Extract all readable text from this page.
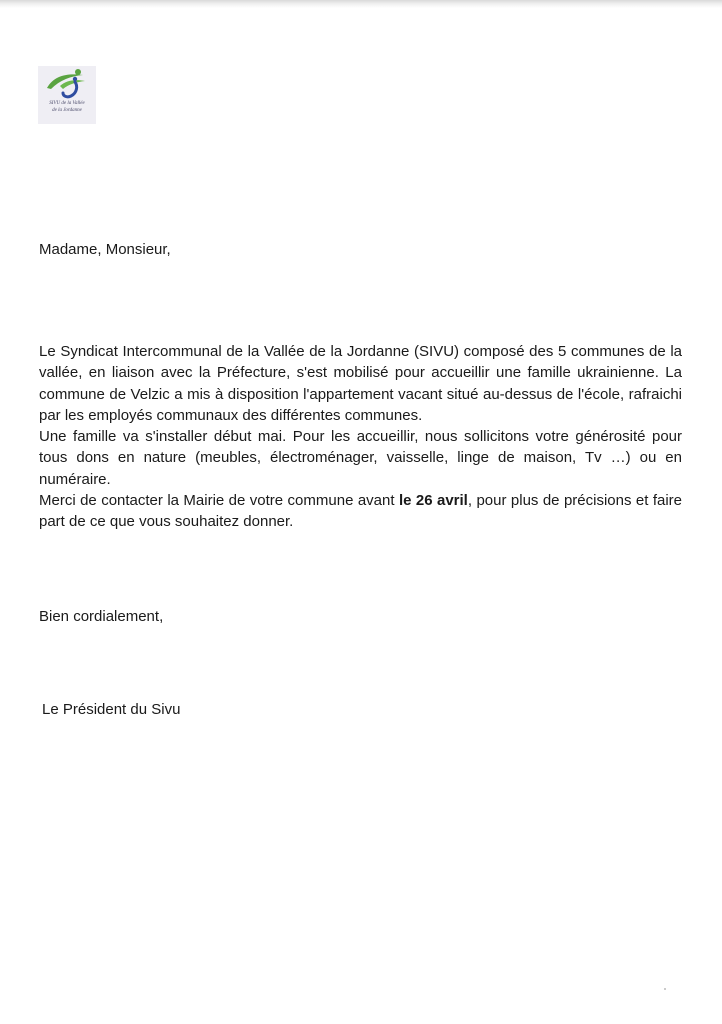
SIVU de la Vallée
de la Jordanne

Madame, Monsieur,

Le Syndicat Intercommunal de la Vallée de la Jordanne (SIVU) composé des 5 communes de la vallée, en liaison avec la Préfecture, s'est mobilisé pour accueillir une famille ukrainienne. La commune de Velzic a mis à disposition l'appartement vacant situé au-dessus de l'école, rafraichi par les employés communaux des différentes communes.

Une famille va s'installer début mai. Pour les accueillir, nous sollicitons votre générosité pour tous dons en nature (meubles, électroménager, vaisselle, linge de maison, Tv …) ou en numéraire.

Merci de contacter la Mairie de votre commune avant le 26 avril, pour plus de précisions et faire part de ce que vous souhaitez donner.

Bien cordialement,

Le Président du Sivu
